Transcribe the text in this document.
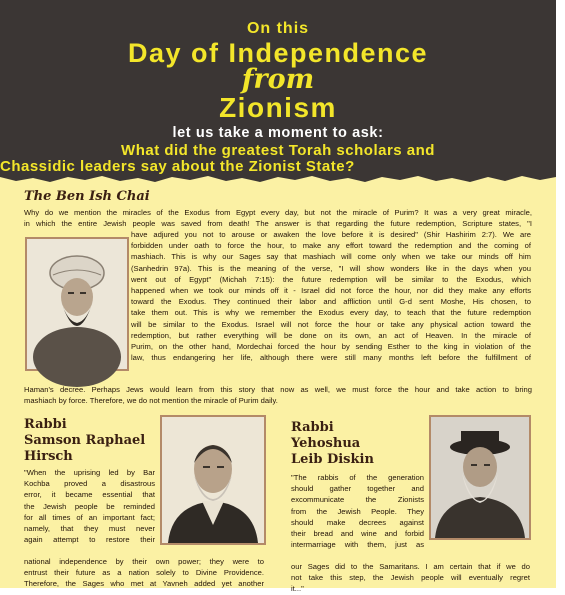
On this
Day of Independence
from
Zionism
let us take a moment to ask:
What did the greatest Torah scholars and
Chassidic leaders say about the Zionist State?
The Ben Ish Chai
Why do we mention the miracles of the Exodus from Egypt every day, but not the miracle of Purim? It was a very great miracle,
in which the entire Jewish people was saved from death! The answer is that regarding the future redemption, Scripture states, "I
have adjured you not to arouse or awaken the love before it is desired" (Shir Hashirim 2:7). We are
forbidden under oath to force the hour, to make any effort toward the redemption and the coming of
mashiach. This is why our Sages say that mashiach will come only when we take our minds off him
(Sanhedrin 97a). This is the meaning of the verse, "I will show wonders like in the days when you
went out of Egypt" (Michah 7:15): the future redemption will be similar to the Exodus, which
happened when we took our minds off it - Israel did not force the hour, nor did they make any efforts
toward the Exodus. They continued their labor and affliction until G-d sent Moshe, His chosen, to
take them out. This is why we remember the Exodus every day, to teach that the future redemption
will be similar to the Exodus. Israel will not force the hour or take any physical action toward the
redemption, but rather everything will be done on its own, an act of Heaven. In the miracle of
Purim, on the other hand, Mordechai forced the hour by sending Esther to the king in violation of the
law, thus endangering her life, although there were still many months left before the fulfillment of
Haman's decree. Perhaps Jews would learn from this story that now as well, we must force the hour and take action to bring
mashiach by force. Therefore, we do not mention the miracle of Purim daily.
Rabbi
Samson Raphael
Hirsch
"When the uprising led by Bar
Kochba proved a disastrous
error, it became essential that
the Jewish people be reminded
for all times of an important fact;
namely, that they must never
again attempt to restore their
national independence by their own power; they were to
entrust their future as a nation solely to Divine Providence.
Therefore, the Sages who met at Yavneh added yet another
Rabbi
Yehoshua
Leib Diskin
"The rabbis of the generation
should gather together and
excommunicate the Zionists
from the Jewish People. They
should make decrees against
their bread and wine and forbid
intermarriage with them, just as
our Sages did to the Samaritans. I am certain that if we do
not take this step, the Jewish people will eventually regret
it..."
